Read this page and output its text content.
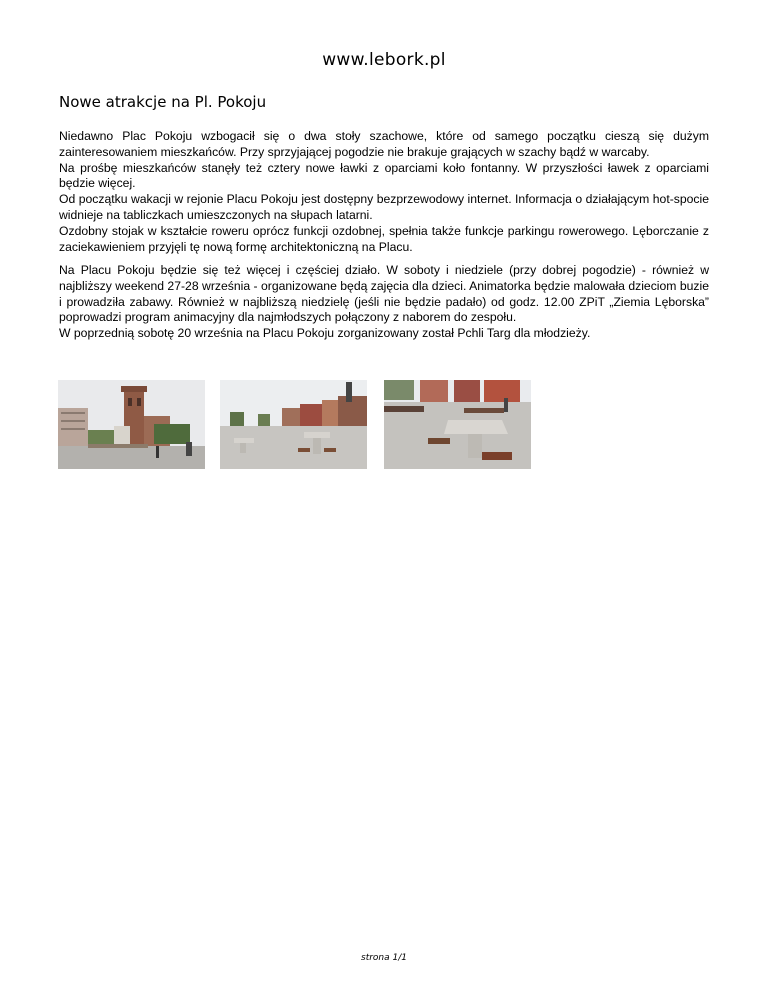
www.lebork.pl
Nowe atrakcje na Pl. Pokoju
Niedawno Plac Pokoju wzbogacił się o dwa stoły szachowe, które od samego początku cieszą się dużym zainteresowaniem mieszkańców. Przy sprzyjającej pogodzie nie brakuje grających w szachy bądź w warcaby.
Na prośbę mieszkańców stanęły też cztery nowe ławki z oparciami koło fontanny. W przyszłości ławek z oparciami będzie więcej.
Od początku wakacji w rejonie Placu Pokoju jest dostępny bezprzewodowy internet. Informacja o działającym hot-spocie widnieje na tabliczkach umieszczonych na słupach latarni.
Ozdobny stojak w kształcie roweru oprócz funkcji ozdobnej, spełnia także funkcje parkingu rowerowego. Lęborczanie z zaciekawieniem przyjęli tę nową formę architektoniczną na Placu.
Na Placu Pokoju będzie się też więcej i częściej działo. W soboty i niedziele (przy dobrej pogodzie) - również w najbliższy weekend 27-28 września - organizowane będą zajęcia dla dzieci. Animatorka będzie malowała dzieciom buzie i prowadziła zabawy. Również w najbliższą niedzielę (jeśli nie będzie padało) od godz. 12.00 ZPiT „Ziemia Lęborska” poprowadzi program animacyjny dla najmłodszych połączony z naborem do zespołu.
W poprzednią sobotę 20 września na Placu Pokoju zorganizowany został Pchli Targ dla młodzieży.
strona 1/1
